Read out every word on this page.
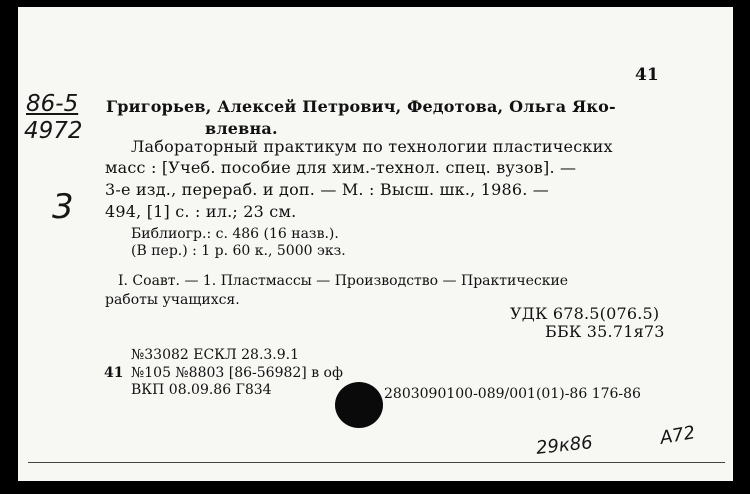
41
86-5
4972
3
Григорьев, Алексей Петрович, Федотова, Ольга Яко-
влевна.
Лабораторный практикум по технологии пластических
масс : [Учеб. пособие для хим.-технол. спец. вузов]. —
3-е изд., перераб. и доп. — М. : Высш. шк., 1986. —
494, [1] с. : ил.; 23 см.
Библиогр.: с. 486 (16 назв.).
(В пер.) : 1 р. 60 к., 5000 экз.
I. Соавт. — 1. Пластмассы — Производство — Практические
работы учащихся.
УДК 678.5(076.5)
ББК 35.71я73
№33082 ЕСКЛ 28.3.9.1
41 №105 №8803 [86-56982] в оф
ВКП 08.09.86 Г834	2803090100-089/001(01)-86 176-86
29к86	А72
